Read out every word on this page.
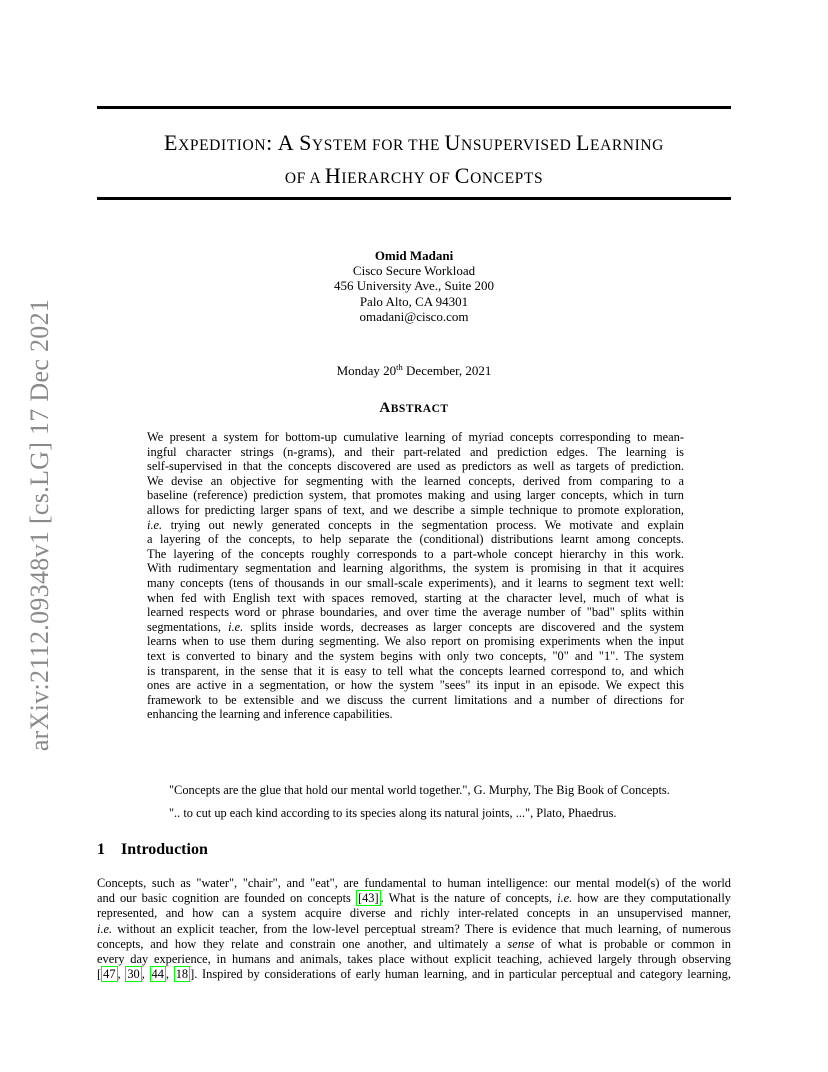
arXiv:2112.09348v1 [cs.LG] 17 Dec 2021
EXPEDITION: A SYSTEM FOR THE UNSUPERVISED LEARNING
OF A HIERARCHY OF CONCEPTS
Omid Madani
Cisco Secure Workload
456 University Ave., Suite 200
Palo Alto, CA 94301
omadani@cisco.com
Monday 20th December, 2021
ABSTRACT
We present a system for bottom-up cumulative learning of myriad concepts corresponding to mean-
ingful character strings (n-grams), and their part-related and prediction edges. The learning is
self-supervised in that the concepts discovered are used as predictors as well as targets of prediction.
We devise an objective for segmenting with the learned concepts, derived from comparing to a
baseline (reference) prediction system, that promotes making and using larger concepts, which in turn
allows for predicting larger spans of text, and we describe a simple technique to promote exploration,
i.e. trying out newly generated concepts in the segmentation process. We motivate and explain
a layering of the concepts, to help separate the (conditional) distributions learnt among concepts.
The layering of the concepts roughly corresponds to a part-whole concept hierarchy in this work.
With rudimentary segmentation and learning algorithms, the system is promising in that it acquires
many concepts (tens of thousands in our small-scale experiments), and it learns to segment text well:
when fed with English text with spaces removed, starting at the character level, much of what is
learned respects word or phrase boundaries, and over time the average number of "bad" splits within
segmentations, i.e. splits inside words, decreases as larger concepts are discovered and the system
learns when to use them during segmenting. We also report on promising experiments when the input
text is converted to binary and the system begins with only two concepts, "0" and "1". The system
is transparent, in the sense that it is easy to tell what the concepts learned correspond to, and which
ones are active in a segmentation, or how the system "sees" its input in an episode. We expect this
framework to be extensible and we discuss the current limitations and a number of directions for
enhancing the learning and inference capabilities.
"Concepts are the glue that hold our mental world together.", G. Murphy, The Big Book of Concepts.
".. to cut up each kind according to its species along its natural joints, ...", Plato, Phaedrus.
1 Introduction
Concepts, such as "water", "chair", and "eat", are fundamental to human intelligence: our mental model(s) of the world
and our basic cognition are founded on concepts [43] . What is the nature of concepts, i.e. how are they computationally
represented, and how can a system acquire diverse and richly inter-related concepts in an unsupervised manner,
i.e. without an explicit teacher, from the low-level perceptual stream? There is evidence that much learning, of numerous
concepts, and how they relate and constrain one another, and ultimately a sense of what is probable or common in
every day experience, in humans and animals, takes place without explicit teaching, achieved largely through observing
[ 47 , 30 , 44 , 18 ]. Inspired by considerations of early human learning, and in particular perceptual and category learning,
